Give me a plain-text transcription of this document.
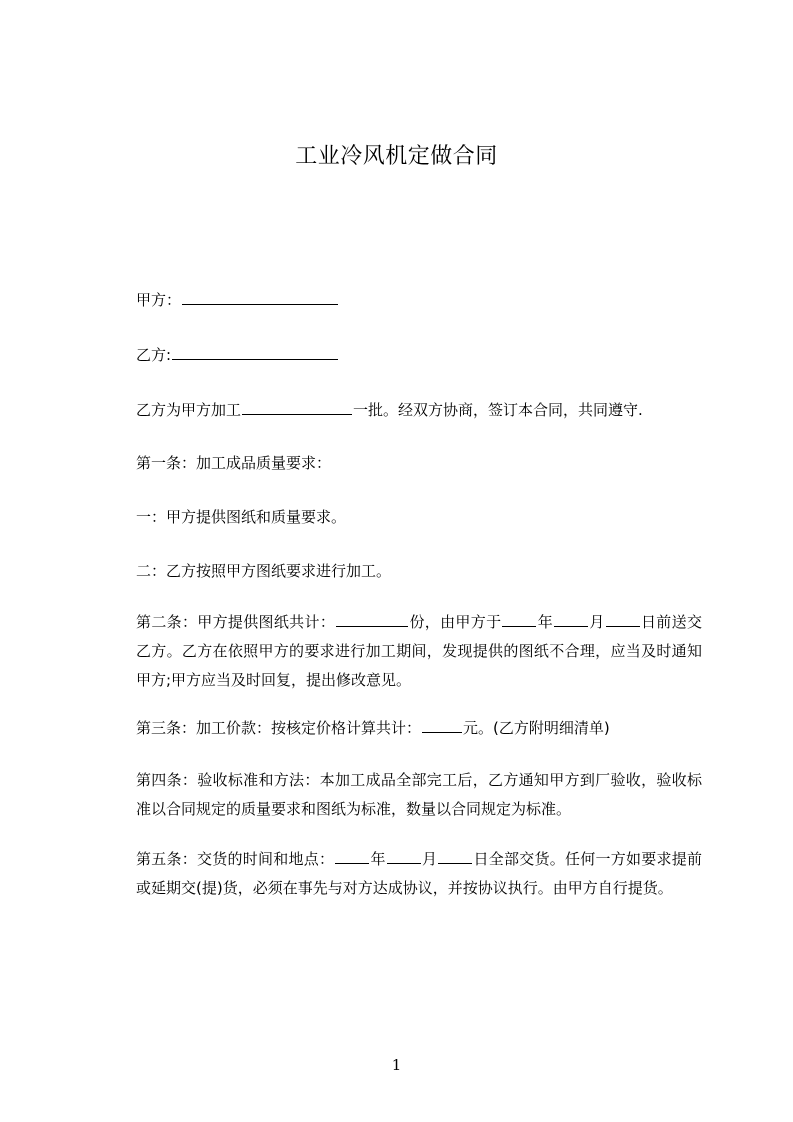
工业冷风机定做合同
甲方：
乙方:
乙方为甲方加工	一批。经双方协商，签订本合同，共同遵守.
第一条：加工成品质量要求：
一：甲方提供图纸和质量要求。
二：乙方按照甲方图纸要求进行加工。
第二条：甲方提供图纸共计：	份，由甲方于 年 月 日前送交乙方。乙方在依照甲方的要求进行加工期间，发现提供的图纸不合理，应当及时通知甲方;甲方应当及时回复，提出修改意见。
第三条：加工价款：按核定价格计算共计：	元。(乙方附明细清单)
第四条：验收标准和方法：本加工成品全部完工后，乙方通知甲方到厂验收，验收标准以合同规定的质量要求和图纸为标准，数量以合同规定为标准。
第五条：交货的时间和地点： 年 月 日全部交货。任何一方如要求提前或延期交(提)货，必须在事先与对方达成协议，并按协议执行。由甲方自行提货。
1
